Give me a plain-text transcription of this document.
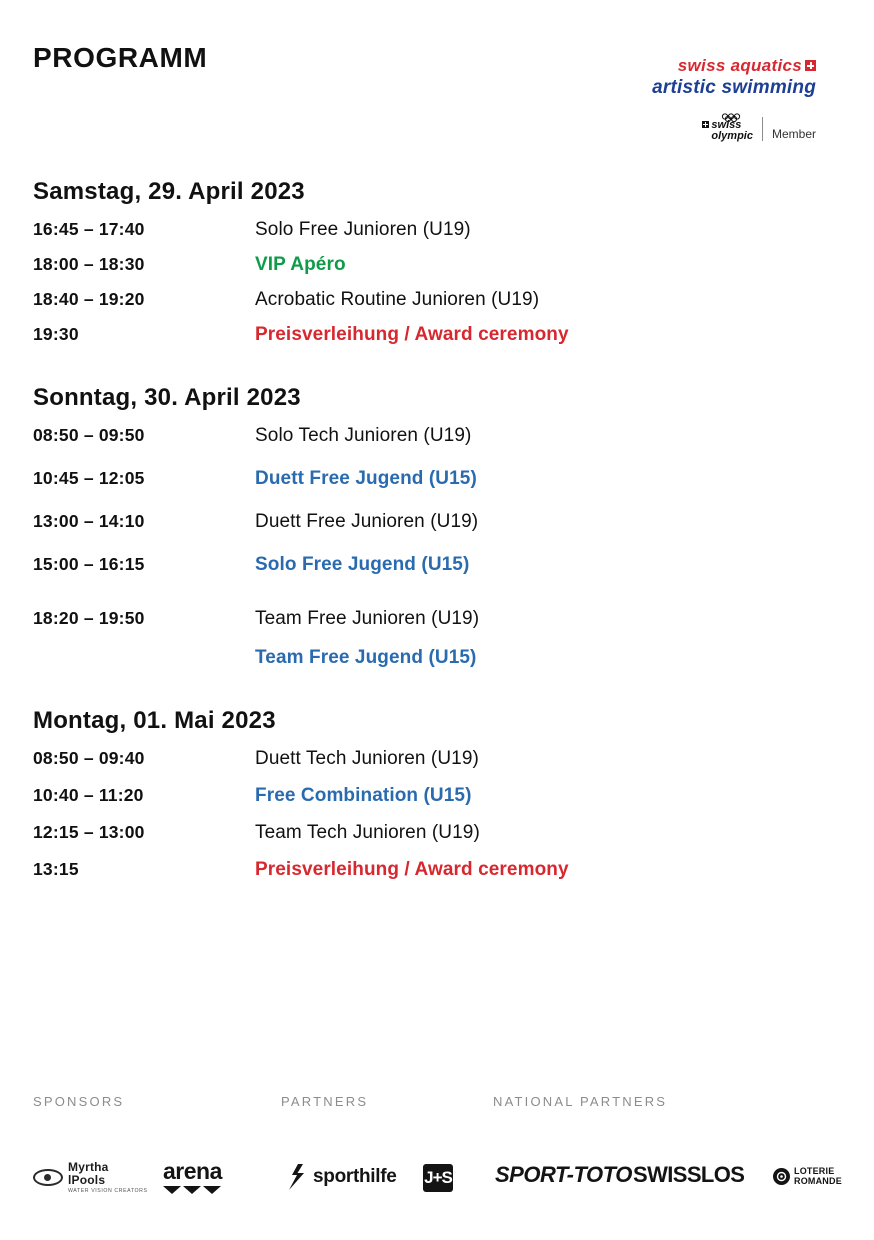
PROGRAMM	swiss aquatics
artistic swimming
swiss
olympic Member
Samstag, 29. April 2023
16:45 – 17:40	Solo Free Junioren (U19)
18:00 – 18:30	VIP Apéro
18:40 – 19:20	Acrobatic Routine Junioren (U19)
19:30	Preisverleihung / Award ceremony
Sonntag, 30. April 2023
08:50 – 09:50	Solo Tech Junioren (U19)
10:45 – 12:05	Duett Free Jugend (U15)
13:00 – 14:10	Duett Free Junioren (U19)
15:00 – 16:15	Solo Free Jugend (U15)
18:20 – 19:50	Team Free Junioren (U19)
Team Free Jugend (U15)
Montag, 01. Mai 2023
08:50 – 09:40	Duett Tech Junioren (U19)
10:40 – 11:20	Free Combination (U15)
12:15 – 13:00	Team Tech Junioren (U19)
13:15	Preisverleihung / Award ceremony
SPONSORS	PARTNERS	NATIONAL PARTNERS
Myrtha
lPools
WATER VISION CREATORS
arena	sporthilfe J+S SPORT-TOTO SWISSLOS	LOTERIE
ROMANDE
